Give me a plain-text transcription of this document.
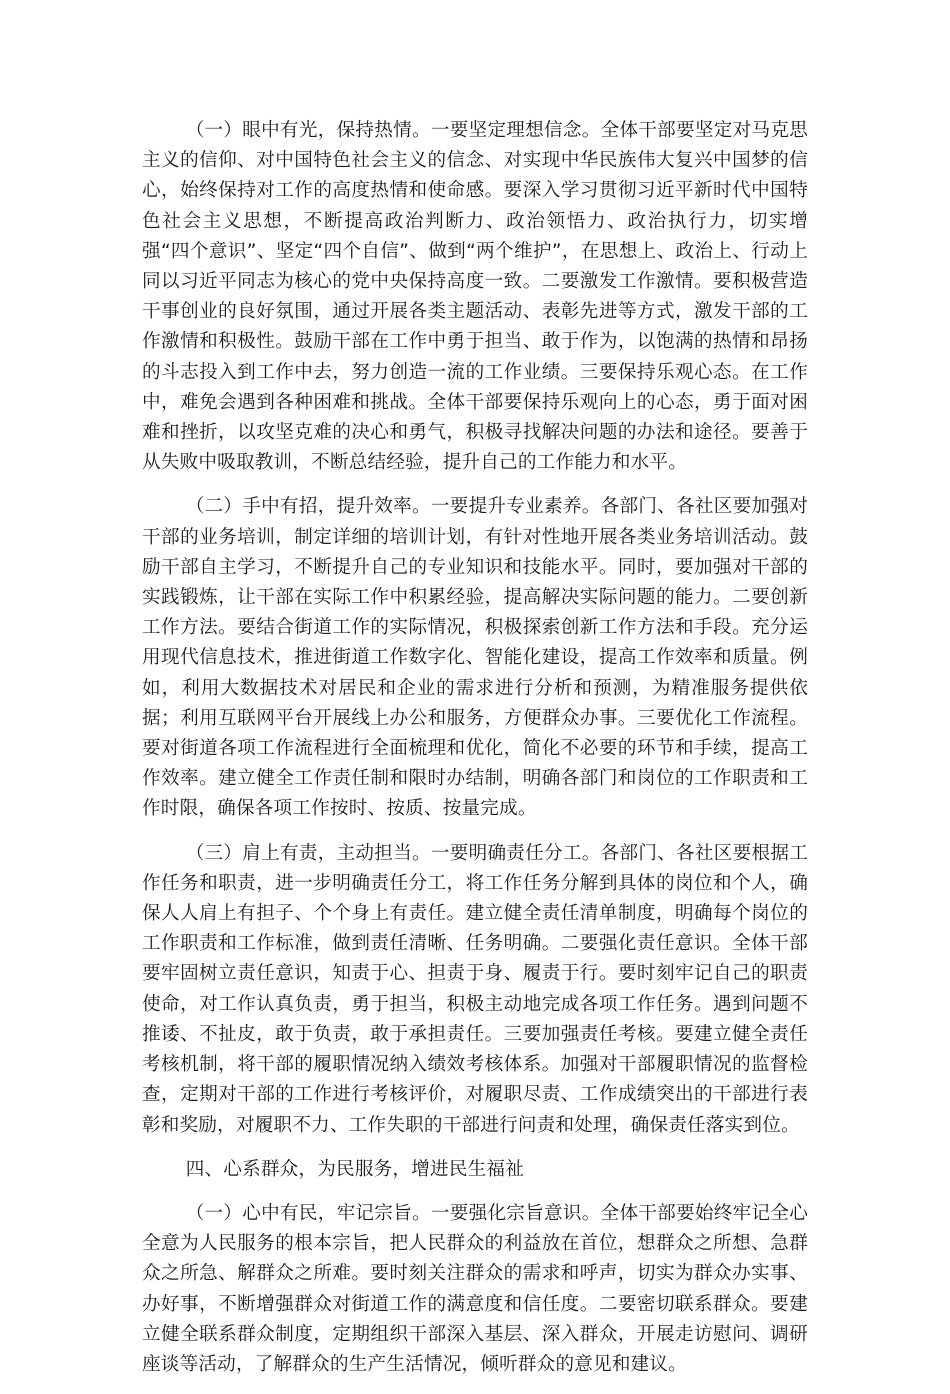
（一）眼中有光，保持热情。一要坚定理想信念。全体干部要坚定对马克思主义的信仰、对中国特色社会主义的信念、对实现中华民族伟大复兴中国梦的信心，始终保持对工作的高度热情和使命感。要深入学习贯彻习近平新时代中国特色社会主义思想，不断提高政治判断力、政治领悟力、政治执行力，切实增强“四个意识”、坚定“四个自信”、做到“两个维护”，在思想上、政治上、行动上同以习近平同志为核心的党中央保持高度一致。二要激发工作激情。要积极营造干事创业的良好氛围，通过开展各类主题活动、表彰先进等方式，激发干部的工作激情和积极性。鼓励干部在工作中勇于担当、敢于作为，以饱满的热情和昂扬的斗志投入到工作中去，努力创造一流的工作业绩。三要保持乐观心态。在工作中，难免会遇到各种困难和挑战。全体干部要保持乐观向上的心态，勇于面对困难和挫折，以攻坚克难的决心和勇气，积极寻找解决问题的办法和途径。要善于从失败中吸取教训，不断总结经验，提升自己的工作能力和水平。

（二）手中有招，提升效率。一要提升专业素养。各部门、各社区要加强对干部的业务培训，制定详细的培训计划，有针对性地开展各类业务培训活动。鼓励干部自主学习，不断提升自己的专业知识和技能水平。同时，要加强对干部的实践锻炼，让干部在实际工作中积累经验，提高解决实际问题的能力。二要创新工作方法。要结合街道工作的实际情况，积极探索创新工作方法和手段。充分运用现代信息技术，推进街道工作数字化、智能化建设，提高工作效率和质量。例如，利用大数据技术对居民和企业的需求进行分析和预测，为精准服务提供依据；利用互联网平台开展线上办公和服务，方便群众办事。三要优化工作流程。要对街道各项工作流程进行全面梳理和优化，简化不必要的环节和手续，提高工作效率。建立健全工作责任制和限时办结制，明确各部门和岗位的工作职责和工作时限，确保各项工作按时、按质、按量完成。

（三）肩上有责，主动担当。一要明确责任分工。各部门、各社区要根据工作任务和职责，进一步明确责任分工，将工作任务分解到具体的岗位和个人，确保人人肩上有担子、个个身上有责任。建立健全责任清单制度，明确每个岗位的工作职责和工作标准，做到责任清晰、任务明确。二要强化责任意识。全体干部要牢固树立责任意识，知责于心、担责于身、履责于行。要时刻牢记自己的职责使命，对工作认真负责，勇于担当，积极主动地完成各项工作任务。遇到问题不推诿、不扯皮，敢于负责，敢于承担责任。三要加强责任考核。要建立健全责任考核机制，将干部的履职情况纳入绩效考核体系。加强对干部履职情况的监督检查，定期对干部的工作进行考核评价，对履职尽责、工作成绩突出的干部进行表彰和奖励，对履职不力、工作失职的干部进行问责和处理，确保责任落实到位。

四、心系群众，为民服务，增进民生福祉

（一）心中有民，牢记宗旨。一要强化宗旨意识。全体干部要始终牢记全心全意为人民服务的根本宗旨，把人民群众的利益放在首位，想群众之所想、急群众之所急、解群众之所难。要时刻关注群众的需求和呼声，切实为群众办实事、办好事，不断增强群众对街道工作的满意度和信任度。二要密切联系群众。要建立健全联系群众制度，定期组织干部深入基层、深入群众，开展走访慰问、调研座谈等活动，了解群众的生产生活情况，倾听群众的意见和建议。
